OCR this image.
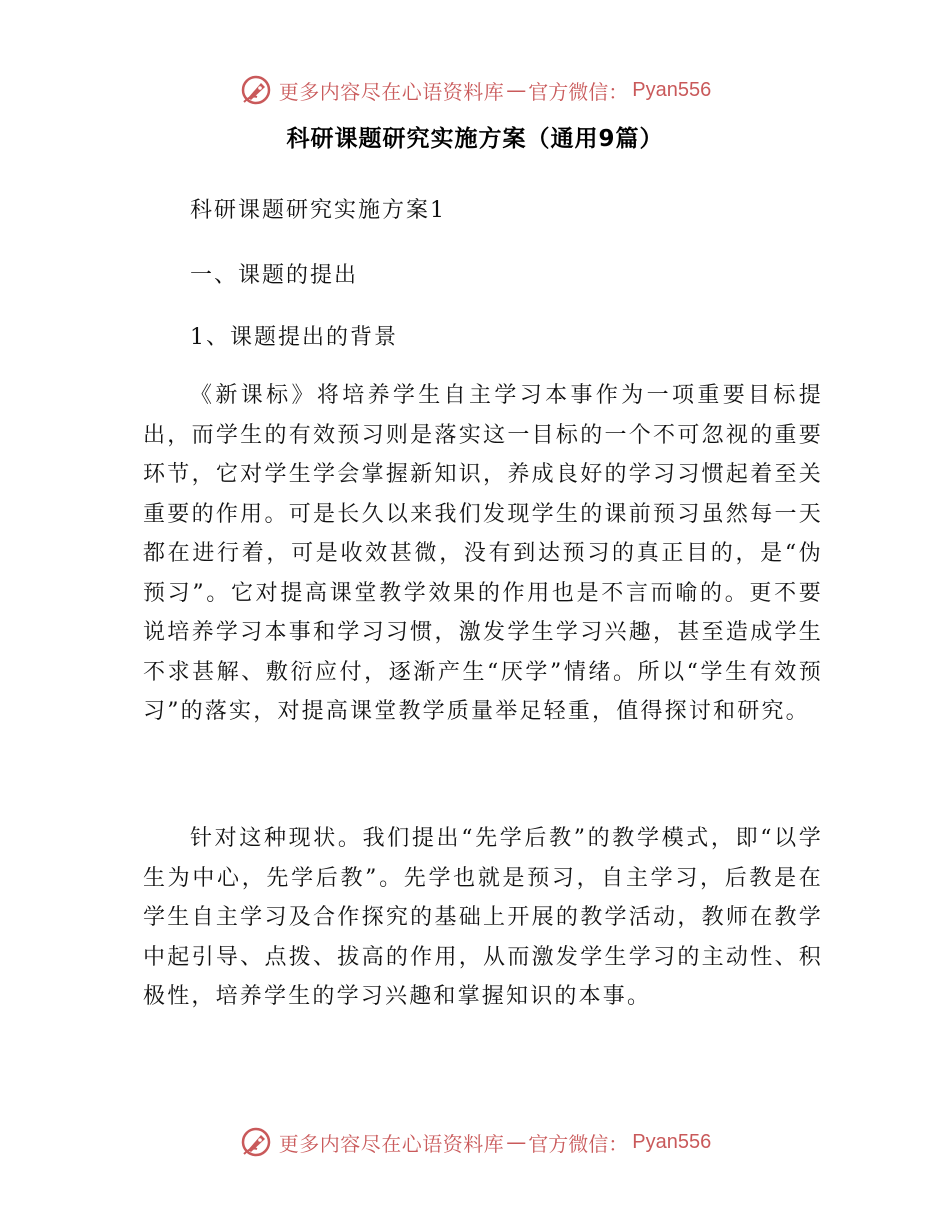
更多内容尽在心语资料库 — 官方微信： Pyan556
科研课题研究实施方案（通用9篇）
科研课题研究实施方案1
一、课题的提出
1、课题提出的背景

《新课标》将培养学生自主学习本事作为一项重要目标提出，而学生的有效预习则是落实这一目标的一个不可忽视的重要环节，它对学生学会掌握新知识，养成良好的学习习惯起着至关重要的作用。可是长久以来我们发现学生的课前预习虽然每一天都在进行着，可是收效甚微，没有到达预习的真正目的，是“伪预习”。它对提高课堂教学效果的作用也是不言而喻的。更不要说培养学习本事和学习习惯，激发学生学习兴趣，甚至造成学生不求甚解、敷衍应付，逐渐产生“厌学”情绪。所以“学生有效预习”的落实，对提高课堂教学质量举足轻重，值得探讨和研究。

针对这种现状。我们提出“先学后教”的教学模式，即“以学生为中心，先学后教”。先学也就是预习，自主学习，后教是在学生自主学习及合作探究的基础上开展的教学活动，教师在教学中起引导、点拨、拔高的作用，从而激发学生学习的主动性、积极性，培养学生的学习兴趣和掌握知识的本事。

更多内容尽在心语资料库 — 官方微信： Pyan556
